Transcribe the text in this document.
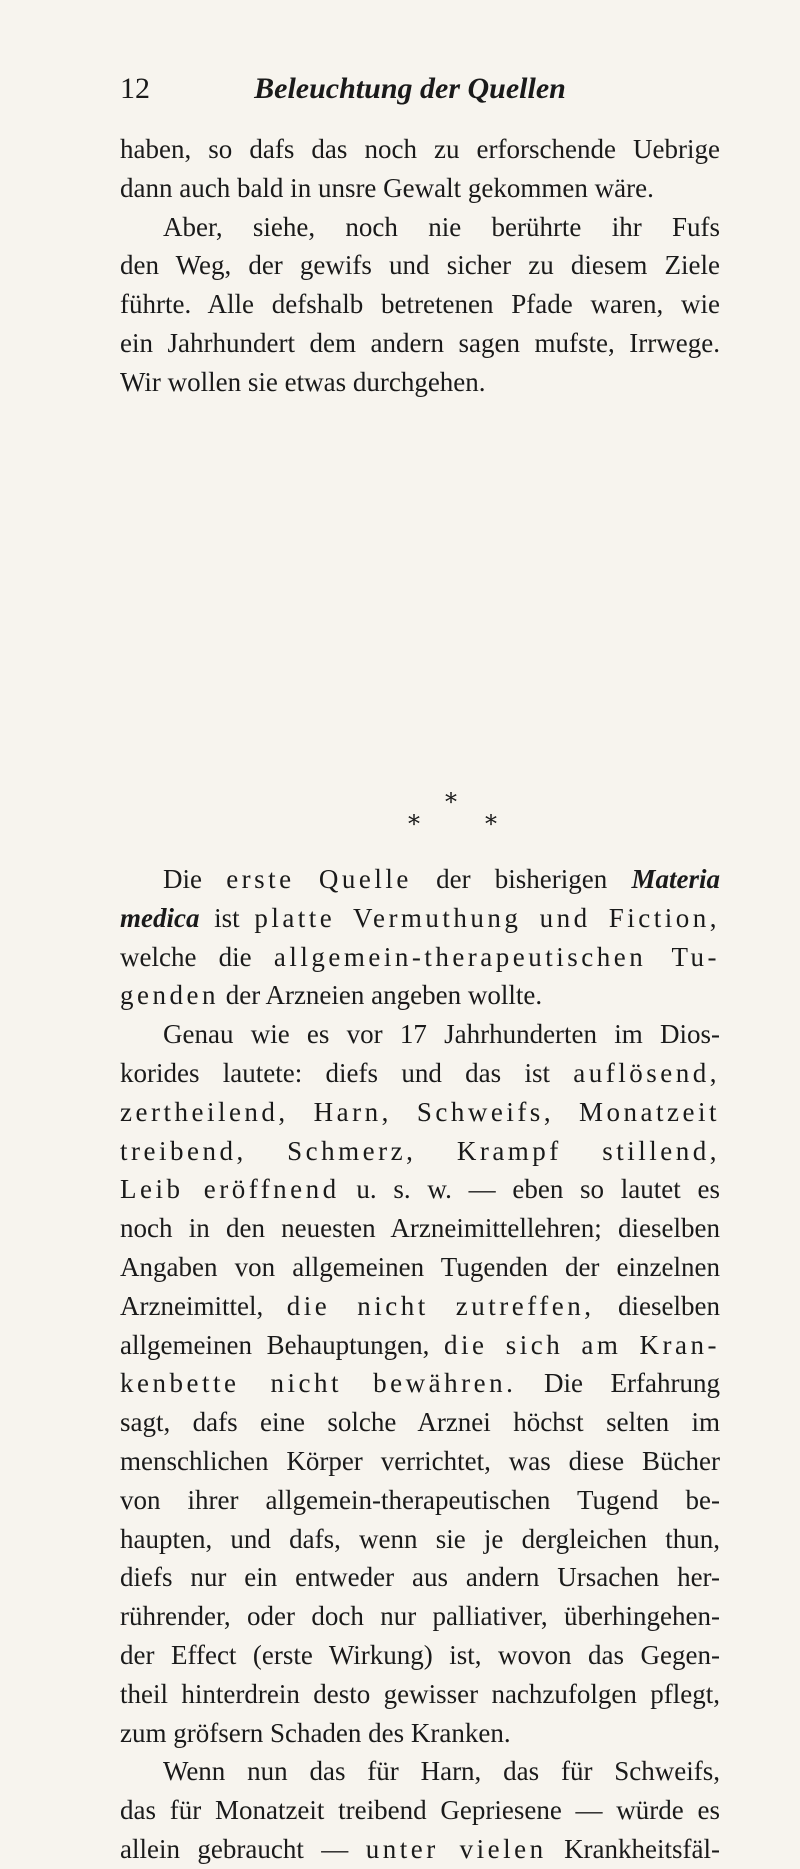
12	Beleuchtung der Quellen
haben, so dafs das noch zu erforschende Uebrige
dann auch bald in unsre Gewalt gekommen wäre.
Aber, siehe, noch nie berührte ihr Fufs
den Weg, der gewifs und sicher zu diesem Ziele
führte. Alle defshalb betretenen Pfade waren, wie
ein Jahrhundert dem andern sagen mufste, Irrwege.
Wir wollen sie etwas durchgehen.
*
*	*
Die erste Quelle der bisherigen Materia
medica ist platte Vermuthung und Fiction,
welche die allgemein-therapeutischen Tu-
genden der Arzneien angeben wollte.
Genau wie es vor 17 Jahrhunderten im Dios-
korides lautete: diefs und das ist auflösend,
zertheilend, Harn, Schweifs, Monatzeit
treibend, Schmerz, Krampf stillend,
Leib eröffnend u. s. w. — eben so lautet es
noch in den neuesten Arzneimittellehren; dieselben
Angaben von allgemeinen Tugenden der einzelnen
Arzneimittel, die nicht zutreffen, dieselben
allgemeinen Behauptungen, die sich am Kran-
kenbette nicht bewähren. Die Erfahrung
sagt, dafs eine solche Arznei höchst selten im
menschlichen Körper verrichtet, was diese Bücher
von ihrer allgemein-therapeutischen Tugend be-
haupten, und dafs, wenn sie je dergleichen thun,
diefs nur ein entweder aus andern Ursachen her-
rührender, oder doch nur palliativer, überhingehen-
der Effect (erste Wirkung) ist, wovon das Gegen-
theil hinterdrein desto gewisser nachzufolgen pflegt,
zum gröfsern Schaden des Kranken.
Wenn nun das für Harn, das für Schweifs,
das für Monatzeit treibend Gepriesene — würde es
allein gebraucht — unter vielen Krankheitsfäl-
